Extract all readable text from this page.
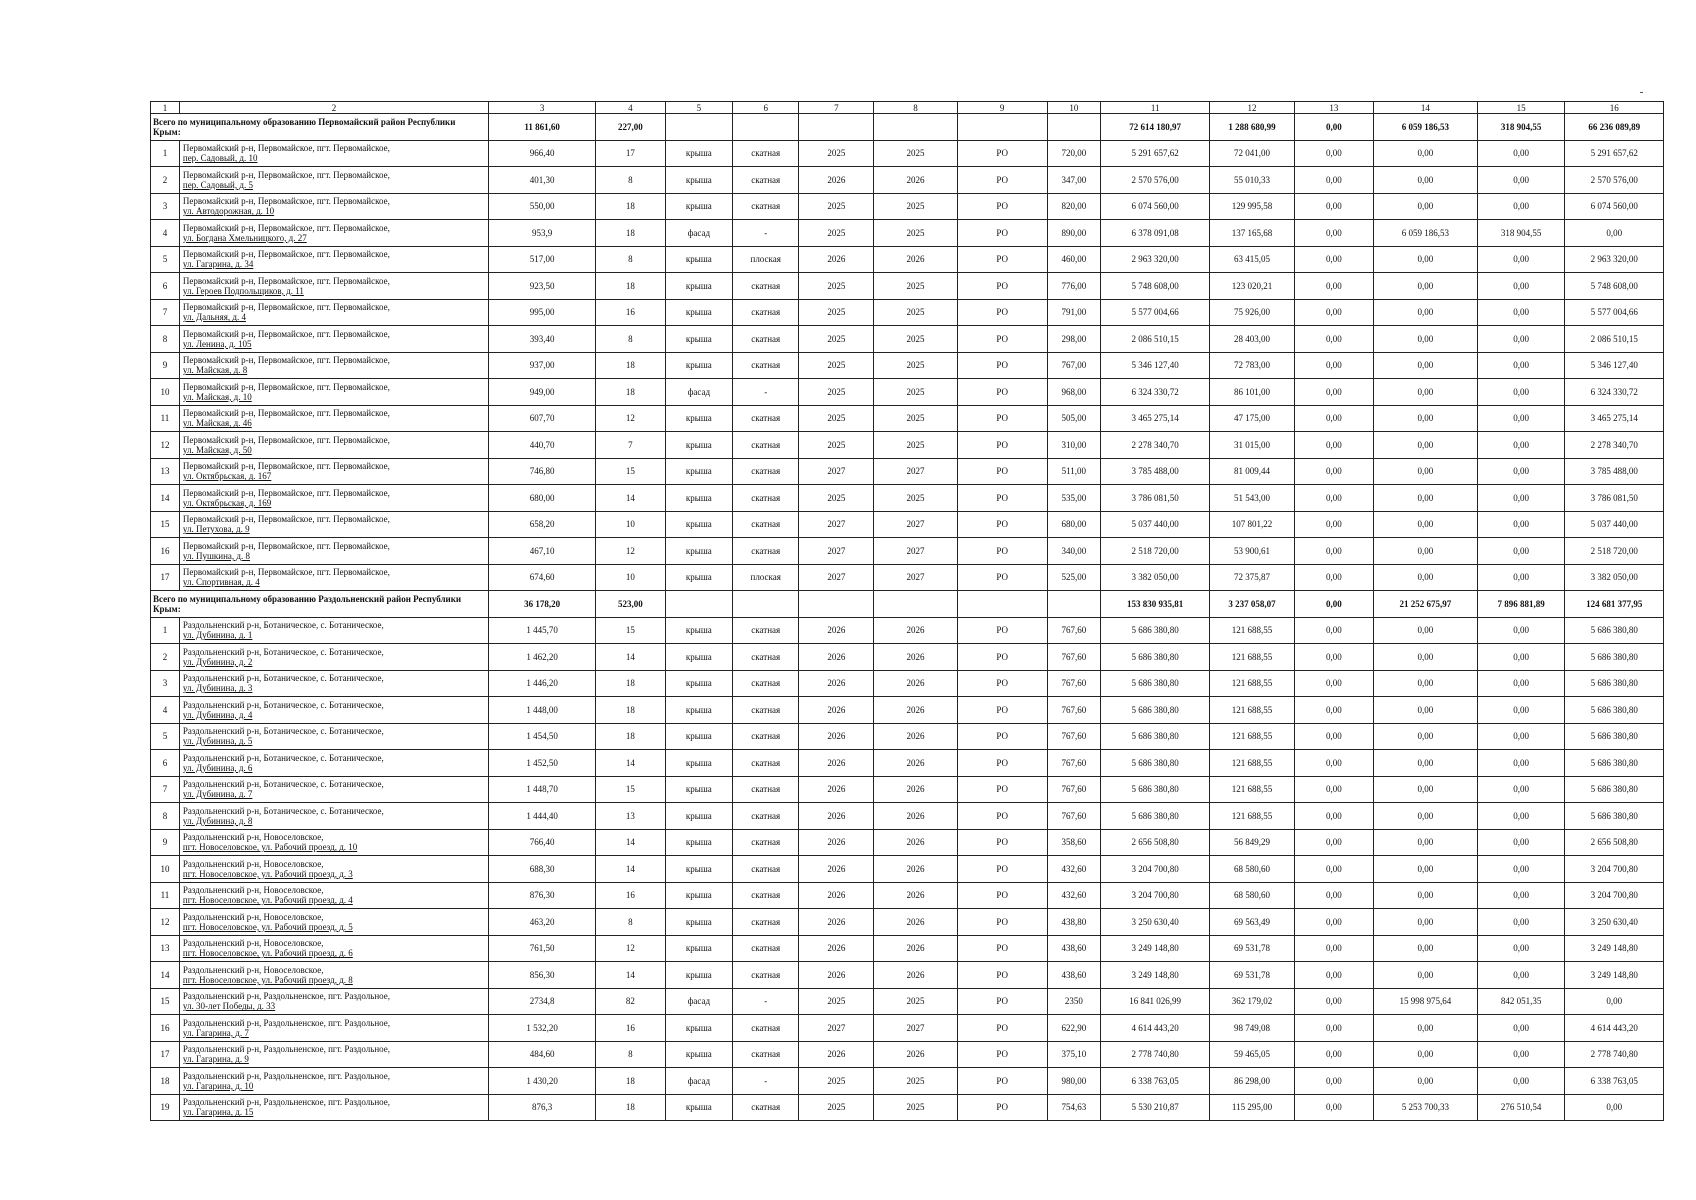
1	2	3	4	5	6	7	8	9	10	11	12	13	14	15	16
Всего по муниципальному образованию Первомайский район Республики Крым:		11 861,60	227,00							72 614 180,97	1 288 680,99	0,00	6 059 186,53	318 904,55	66 236 089,89
1	Первомайский р-н, Первомайское, пгт. Первомайское,
пер. Садовый, д. 10	966,40	17	крыша	скатная	2025	2025	РО	720,00	5 291 657,62	72 041,00	0,00	0,00	0,00	5 291 657,62
2	Первомайский р-н, Первомайское, пгт. Первомайское,
пер. Садовый, д. 5	401,30	8	крыша	скатная	2026	2026	РО	347,00	2 570 576,00	55 010,33	0,00	0,00	0,00	2 570 576,00
3	Первомайский р-н, Первомайское, пгт. Первомайское,
ул. Автодорожная, д. 10	550,00	18	крыша	скатная	2025	2025	РО	820,00	6 074 560,00	129 995,58	0,00	0,00	0,00	6 074 560,00
4	Первомайский р-н, Первомайское, пгт. Первомайское,
ул. Богдана Хмельницкого, д. 27	953,9	18	фасад	-	2025	2025	РО	890,00	6 378 091,08	137 165,68	0,00	6 059 186,53	318 904,55	0,00
5	Первомайский р-н, Первомайское, пгт. Первомайское,
ул. Гагарина, д. 34	517,00	8	крыша	плоская	2026	2026	РО	460,00	2 963 320,00	63 415,05	0,00	0,00	0,00	2 963 320,00
6	Первомайский р-н, Первомайское, пгт. Первомайское,
ул. Героев Подпольщиков, д. 11	923,50	18	крыша	скатная	2025	2025	РО	776,00	5 748 608,00	123 020,21	0,00	0,00	0,00	5 748 608,00
7	Первомайский р-н, Первомайское, пгт. Первомайское,
ул. Дальняя, д. 4	995,00	16	крыша	скатная	2025	2025	РО	791,00	5 577 004,66	75 926,00	0,00	0,00	0,00	5 577 004,66
8	Первомайский р-н, Первомайское, пгт. Первомайское,
ул. Ленина, д. 105	393,40	8	крыша	скатная	2025	2025	РО	298,00	2 086 510,15	28 403,00	0,00	0,00	0,00	2 086 510,15
9	Первомайский р-н, Первомайское, пгт. Первомайское,
ул. Майская, д. 8	937,00	18	крыша	скатная	2025	2025	РО	767,00	5 346 127,40	72 783,00	0,00	0,00	0,00	5 346 127,40
10	Первомайский р-н, Первомайское, пгт. Первомайское,
ул. Майская, д. 10	949,00	18	фасад	-	2025	2025	РО	968,00	6 324 330,72	86 101,00	0,00	0,00	0,00	6 324 330,72
11	Первомайский р-н, Первомайское, пгт. Первомайское,
ул. Майская, д. 46	607,70	12	крыша	скатная	2025	2025	РО	505,00	3 465 275,14	47 175,00	0,00	0,00	0,00	3 465 275,14
12	Первомайский р-н, Первомайское, пгт. Первомайское,
ул. Майская, д. 50	440,70	7	крыша	скатная	2025	2025	РО	310,00	2 278 340,70	31 015,00	0,00	0,00	0,00	2 278 340,70
13	Первомайский р-н, Первомайское, пгт. Первомайское,
ул. Октябрьская, д. 167	746,80	15	крыша	скатная	2027	2027	РО	511,00	3 785 488,00	81 009,44	0,00	0,00	0,00	3 785 488,00
14	Первомайский р-н, Первомайское, пгт. Первомайское,
ул. Октябрьская, д. 169	680,00	14	крыша	скатная	2025	2025	РО	535,00	3 786 081,50	51 543,00	0,00	0,00	0,00	3 786 081,50
15	Первомайский р-н, Первомайское, пгт. Первомайское,
ул. Петухова, д. 9	658,20	10	крыша	скатная	2027	2027	РО	680,00	5 037 440,00	107 801,22	0,00	0,00	0,00	5 037 440,00
16	Первомайский р-н, Первомайское, пгт. Первомайское,
ул. Пушкина, д. 8	467,10	12	крыша	скатная	2027	2027	РО	340,00	2 518 720,00	53 900,61	0,00	0,00	0,00	2 518 720,00
17	Первомайский р-н, Первомайское, пгт. Первомайское,
ул. Спортивная, д. 4	674,60	10	крыша	плоская	2027	2027	РО	525,00	3 382 050,00	72 375,87	0,00	0,00	0,00	3 382 050,00
Всего по муниципальному образованию Раздольненский район Республики Крым:		36 178,20	523,00							153 830 935,81	3 237 058,07	0,00	21 252 675,97	7 896 881,89	124 681 377,95
1	Раздольненский р-н, Ботаническое, с. Ботаническое,
ул. Дубинина, д. 1	1 445,70	15	крыша	скатная	2026	2026	РО	767,60	5 686 380,80	121 688,55	0,00	0,00	0,00	5 686 380,80
2	Раздольненский р-н, Ботаническое, с. Ботаническое,
ул. Дубинина, д. 2	1 462,20	14	крыша	скатная	2026	2026	РО	767,60	5 686 380,80	121 688,55	0,00	0,00	0,00	5 686 380,80
3	Раздольненский р-н, Ботаническое, с. Ботаническое,
ул. Дубинина, д. 3	1 446,20	18	крыша	скатная	2026	2026	РО	767,60	5 686 380,80	121 688,55	0,00	0,00	0,00	5 686 380,80
4	Раздольненский р-н, Ботаническое, с. Ботаническое,
ул. Дубинина, д. 4	1 448,00	18	крыша	скатная	2026	2026	РО	767,60	5 686 380,80	121 688,55	0,00	0,00	0,00	5 686 380,80
5	Раздольненский р-н, Ботаническое, с. Ботаническое,
ул. Дубинина, д. 5	1 454,50	18	крыша	скатная	2026	2026	РО	767,60	5 686 380,80	121 688,55	0,00	0,00	0,00	5 686 380,80
6	Раздольненский р-н, Ботаническое, с. Ботаническое,
ул. Дубинина, д. 6	1 452,50	14	крыша	скатная	2026	2026	РО	767,60	5 686 380,80	121 688,55	0,00	0,00	0,00	5 686 380,80
7	Раздольненский р-н, Ботаническое, с. Ботаническое,
ул. Дубинина, д. 7	1 448,70	15	крыша	скатная	2026	2026	РО	767,60	5 686 380,80	121 688,55	0,00	0,00	0,00	5 686 380,80
8	Раздольненский р-н, Ботаническое, с. Ботаническое,
ул. Дубинина, д. 8	1 444,40	13	крыша	скатная	2026	2026	РО	767,60	5 686 380,80	121 688,55	0,00	0,00	0,00	5 686 380,80
9	Раздольненский р-н, Новоселовское,
пгт. Новоселовское, ул. Рабочий проезд, д. 10	766,40	14	крыша	скатная	2026	2026	РО	358,60	2 656 508,80	56 849,29	0,00	0,00	0,00	2 656 508,80
10	Раздольненский р-н, Новоселовское,
пгт. Новоселовское, ул. Рабочий проезд, д. 3	688,30	14	крыша	скатная	2026	2026	РО	432,60	3 204 700,80	68 580,60	0,00	0,00	0,00	3 204 700,80
11	Раздольненский р-н, Новоселовское,
пгт. Новоселовское, ул. Рабочий проезд, д. 4	876,30	16	крыша	скатная	2026	2026	РО	432,60	3 204 700,80	68 580,60	0,00	0,00	0,00	3 204 700,80
12	Раздольненский р-н, Новоселовское,
пгт. Новоселовское, ул. Рабочий проезд, д. 5	463,20	8	крыша	скатная	2026	2026	РО	438,80	3 250 630,40	69 563,49	0,00	0,00	0,00	3 250 630,40
13	Раздольненский р-н, Новоселовское,
пгт. Новоселовское, ул. Рабочий проезд, д. 6	761,50	12	крыша	скатная	2026	2026	РО	438,60	3 249 148,80	69 531,78	0,00	0,00	0,00	3 249 148,80
14	Раздольненский р-н, Новоселовское,
пгт. Новоселовское, ул. Рабочий проезд, д. 8	856,30	14	крыша	скатная	2026	2026	РО	438,60	3 249 148,80	69 531,78	0,00	0,00	0,00	3 249 148,80
15	Раздольненский р-н, Раздольненское, пгт. Раздольное,
ул. 30-лет Победы, д. 33	2734,8	82	фасад	-	2025	2025	РО	2350	16 841 026,99	362 179,02	0,00	15 998 975,64	842 051,35	0,00
16	Раздольненский р-н, Раздольненское, пгт. Раздольное,
ул. Гагарина, д. 7	1 532,20	16	крыша	скатная	2027	2027	РО	622,90	4 614 443,20	98 749,08	0,00	0,00	0,00	4 614 443,20
17	Раздольненский р-н, Раздольненское, пгт. Раздольное,
ул. Гагарина, д. 9	484,60	8	крыша	скатная	2026	2026	РО	375,10	2 778 740,80	59 465,05	0,00	0,00	0,00	2 778 740,80
18	Раздольненский р-н, Раздольненское, пгт. Раздольное,
ул. Гагарина, д. 10	1 430,20	18	фасад	-	2025	2025	РО	980,00	6 338 763,05	86 298,00	0,00	0,00	0,00	6 338 763,05
19	Раздольненский р-н, Раздольненское, пгт. Раздольное,
ул. Гагарина, д. 15	876,3	18	крыша	скатная	2025	2025	РО	754,63	5 530 210,87	115 295,00	0,00	5 253 700,33	276 510,54	0,00
